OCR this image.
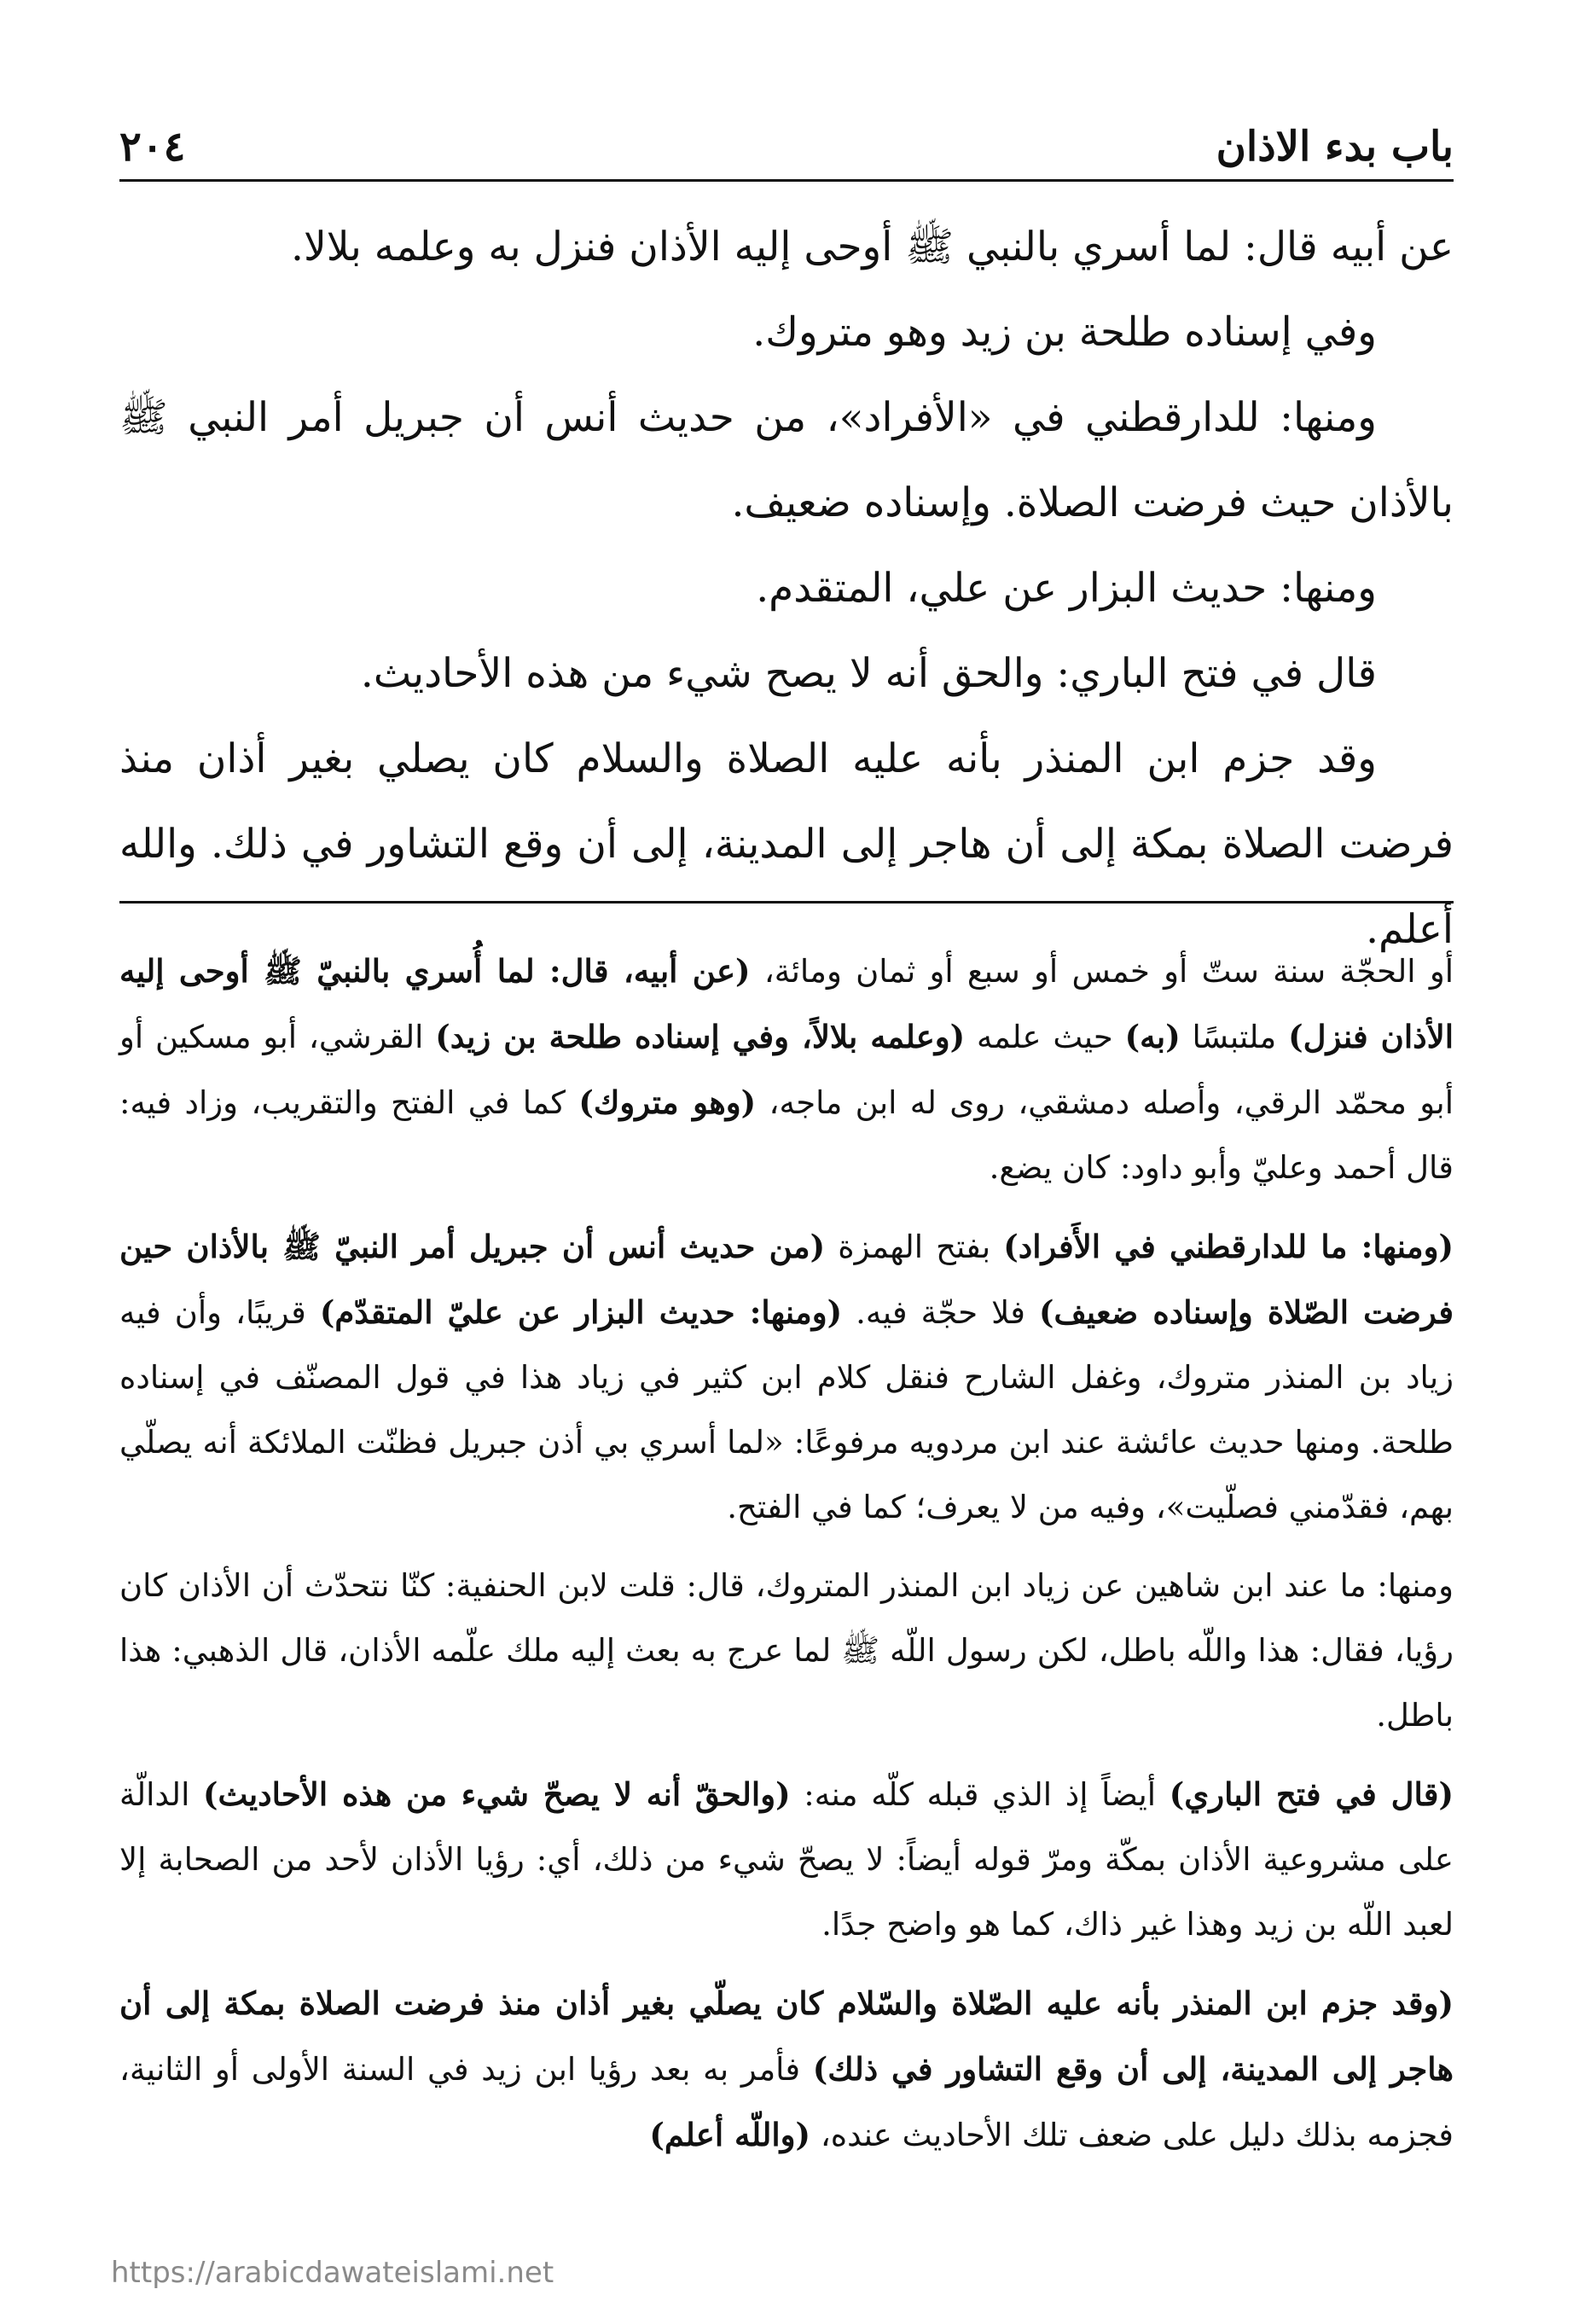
باب بدء الاذان
٢٠٤

عن أبيه قال: لما أسري بالنبي ﷺ أوحى إليه الأذان فنزل به وعلمه بلالا.

وفي إسناده طلحة بن زيد وهو متروك.

ومنها: للدارقطني في «الأفراد»، من حديث أنس أن جبريل أمر النبي ﷺ بالأذان حيث فرضت الصلاة. وإسناده ضعيف.

ومنها: حديث البزار عن علي، المتقدم.

قال في فتح الباري: والحق أنه لا يصح شيء من هذه الأحاديث.

وقد جزم ابن المنذر بأنه عليه الصلاة والسلام كان يصلي بغير أذان منذ فرضت الصلاة بمكة إلى أن هاجر إلى المدينة، إلى أن وقع التشاور في ذلك. والله أعلم.

أو الحجّة سنة ستّ أو خمس أو سبع أو ثمان ومائة، (عن أبيه، قال: لما أُسري بالنبيّ ﷺ أوحى إليه الأذان فنزل) ملتبسًا (به) حيث علمه (وعلمه بلالاً، وفي إسناده طلحة بن زيد) القرشي، أبو مسكين أو أبو محمّد الرقي، وأصله دمشقي، روى له ابن ماجه، (وهو متروك) كما في الفتح والتقريب، وزاد فيه: قال أحمد وعليّ وأبو داود: كان يضع.

(ومنها: ما للدارقطني في الأَفراد) بفتح الهمزة (من حديث أنس أن جبريل أمر النبيّ ﷺ بالأذان حين فرضت الصّلاة وإسناده ضعيف) فلا حجّة فيه. (ومنها: حديث البزار عن عليّ المتقدّم) قريبًا، وأن فيه زياد بن المنذر متروك، وغفل الشارح فنقل كلام ابن كثير في زياد هذا في قول المصنّف في إسناده طلحة. ومنها حديث عائشة عند ابن مردويه مرفوعًا: «لما أسري بي أذن جبريل فظنّت الملائكة أنه يصلّي بهم، فقدّمني فصلّيت»، وفيه من لا يعرف؛ كما في الفتح.

ومنها: ما عند ابن شاهين عن زياد ابن المنذر المتروك، قال: قلت لابن الحنفية: كنّا نتحدّث أن الأذان كان رؤيا، فقال: هذا واللّه باطل، لكن رسول اللّه ﷺ لما عرج به بعث إليه ملك علّمه الأذان، قال الذهبي: هذا باطل.

(قال في فتح الباري) أيضاً إذ الذي قبله كلّه منه: (والحقّ أنه لا يصحّ شيء من هذه الأحاديث) الدالّة على مشروعية الأذان بمكّة ومرّ قوله أيضاً: لا يصحّ شيء من ذلك، أي: رؤيا الأذان لأحد من الصحابة إلا لعبد اللّه بن زيد وهذا غير ذاك، كما هو واضح جدًا.

(وقد جزم ابن المنذر بأنه عليه الصّلاة والسّلام كان يصلّي بغير أذان منذ فرضت الصلاة بمكة إلى أن هاجر إلى المدينة، إلى أن وقع التشاور في ذلك) فأمر به بعد رؤيا ابن زيد في السنة الأولى أو الثانية، فجزمه بذلك دليل على ضعف تلك الأحاديث عنده، (واللّه أعلم)

https://arabicdawateislami.net
